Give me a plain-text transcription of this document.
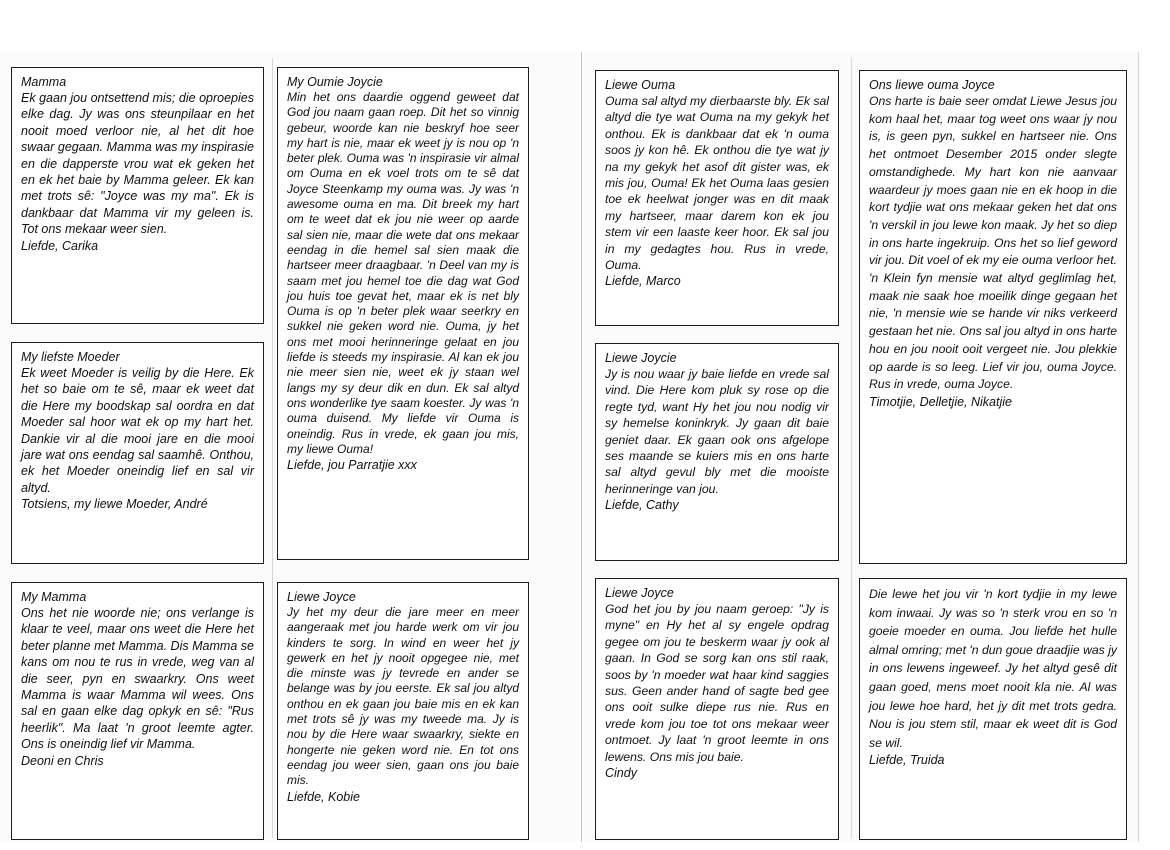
Mamma
Ek gaan jou ontsettend mis; die oproepies elke dag. Jy was ons steunpilaar en het nooit moed verloor nie, al het dit hoe swaar gegaan. Mamma was my inspirasie en die dapperste vrou wat ek geken het en ek het baie by Mamma geleer. Ek kan met trots sê: "Joyce was my ma". Ek is dankbaar dat Mamma vir my geleen is. Tot ons mekaar weer sien.
Liefde, Carika
My liefste Moeder
Ek weet Moeder is veilig by die Here. Ek het so baie om te sê, maar ek weet dat die Here my boodskap sal oordra en dat Moeder sal hoor wat ek op my hart het. Dankie vir al die mooi jare en die mooi jare wat ons eendag sal saamhê. Onthou, ek het Moeder oneindig lief en sal vir altyd.
Totsiens, my liewe Moeder, André
My Mamma
Ons het nie woorde nie; ons verlange is klaar te veel, maar ons weet die Here het beter planne met Mamma. Dis Mamma se kans om nou te rus in vrede, weg van al die seer, pyn en swaarkry. Ons weet Mamma is waar Mamma wil wees. Ons sal en gaan elke dag opkyk en sê: "Rus heerlik". Ma laat 'n groot leemte agter. Ons is oneindig lief vir Mamma.
Deoni en Chris
My Oumie Joycie
Min het ons daardie oggend geweet dat God jou naam gaan roep. Dit het so vinnig gebeur, woorde kan nie beskryf hoe seer my hart is nie, maar ek weet jy is nou op 'n beter plek. Ouma was 'n inspirasie vir almal om Ouma en ek voel trots om te sê dat Joyce Steenkamp my ouma was. Jy was 'n awesome ouma en ma. Dit breek my hart om te weet dat ek jou nie weer op aarde sal sien nie, maar die wete dat ons mekaar eendag in die hemel sal sien maak die hartseer meer draagbaar. 'n Deel van my is saam met jou hemel toe die dag wat God jou huis toe gevat het, maar ek is net bly Ouma is op 'n beter plek waar seerkry en sukkel nie geken word nie. Ouma, jy het ons met mooi herinneringe gelaat en jou liefde is steeds my inspirasie. Al kan ek jou nie meer sien nie, weet ek jy staan wel langs my sy deur dik en dun. Ek sal altyd ons wonderlike tye saam koester. Jy was 'n ouma duisend. My liefde vir Ouma is oneindig. Rus in vrede, ek gaan jou mis, my liewe Ouma!
Liefde, jou Parratjie xxx
Liewe Joyce
Jy het my deur die jare meer en meer aangeraak met jou harde werk om vir jou kinders te sorg. In wind en weer het jy gewerk en het jy nooit opgegee nie, met die minste was jy tevrede en ander se belange was by jou eerste. Ek sal jou altyd onthou en ek gaan jou baie mis en ek kan met trots sê jy was my tweede ma. Jy is nou by die Here waar swaarkry, siekte en hongerte nie geken word nie. En tot ons eendag jou weer sien, gaan ons jou baie mis.
Liefde, Kobie
Liewe Ouma
Ouma sal altyd my dierbaarste bly. Ek sal altyd die tye wat Ouma na my gekyk het onthou. Ek is dankbaar dat ek 'n ouma soos jy kon hê. Ek onthou die tye wat jy na my gekyk het asof dit gister was, ek mis jou, Ouma! Ek het Ouma laas gesien toe ek heelwat jonger was en dit maak my hartseer, maar darem kon ek jou stem vir een laaste keer hoor. Ek sal jou in my gedagtes hou. Rus in vrede, Ouma.
Liefde, Marco
Liewe Joycie
Jy is nou waar jy baie liefde en vrede sal vind. Die Here kom pluk sy rose op die regte tyd, want Hy het jou nou nodig vir sy hemelse koninkryk. Jy gaan dit baie geniet daar. Ek gaan ook ons afgelope ses maande se kuiers mis en ons harte sal altyd gevul bly met die mooiste herinneringe van jou.
Liefde, Cathy
Liewe Joyce
God het jou by jou naam geroep: "Jy is myne" en Hy het al sy engele opdrag gegee om jou te beskerm waar jy ook al gaan. In God se sorg kan ons stil raak, soos by 'n moeder wat haar kind saggies sus. Geen ander hand of sagte bed gee ons ooit sulke diepe rus nie. Rus en vrede kom jou toe tot ons mekaar weer ontmoet. Jy laat 'n groot leemte in ons lewens. Ons mis jou baie.
Cindy
Ons liewe ouma Joyce
Ons harte is baie seer omdat Liewe Jesus jou kom haal het, maar tog weet ons waar jy nou is, is geen pyn, sukkel en hartseer nie. Ons het ontmoet Desember 2015 onder slegte omstandighede. My hart kon nie aanvaar waardeur jy moes gaan nie en ek hoop in die kort tydjie wat ons mekaar geken het dat ons 'n verskil in jou lewe kon maak. Jy het so diep in ons harte ingekruip. Ons het so lief geword vir jou. Dit voel of ek my eie ouma verloor het. 'n Klein fyn mensie wat altyd geglimlag het, maak nie saak hoe moeilik dinge gegaan het nie, 'n mensie wie se hande vir niks verkeerd gestaan het nie. Ons sal jou altyd in ons harte hou en jou nooit ooit vergeet nie. Jou plekkie op aarde is so leeg. Lief vir jou, ouma Joyce. Rus in vrede, ouma Joyce.
Timotjie, Delletjie, Nikatjie
Die lewe het jou vir 'n kort tydjie in my lewe kom inwaai. Jy was so 'n sterk vrou en so 'n goeie moeder en ouma. Jou liefde het hulle almal omring; met 'n dun goue draadjie was jy in ons lewens ingeweef. Jy het altyd gesê dit gaan goed, mens moet nooit kla nie. Al was jou lewe hoe hard, het jy dit met trots gedra. Nou is jou stem stil, maar ek weet dit is God se wil.
Liefde, Truida
